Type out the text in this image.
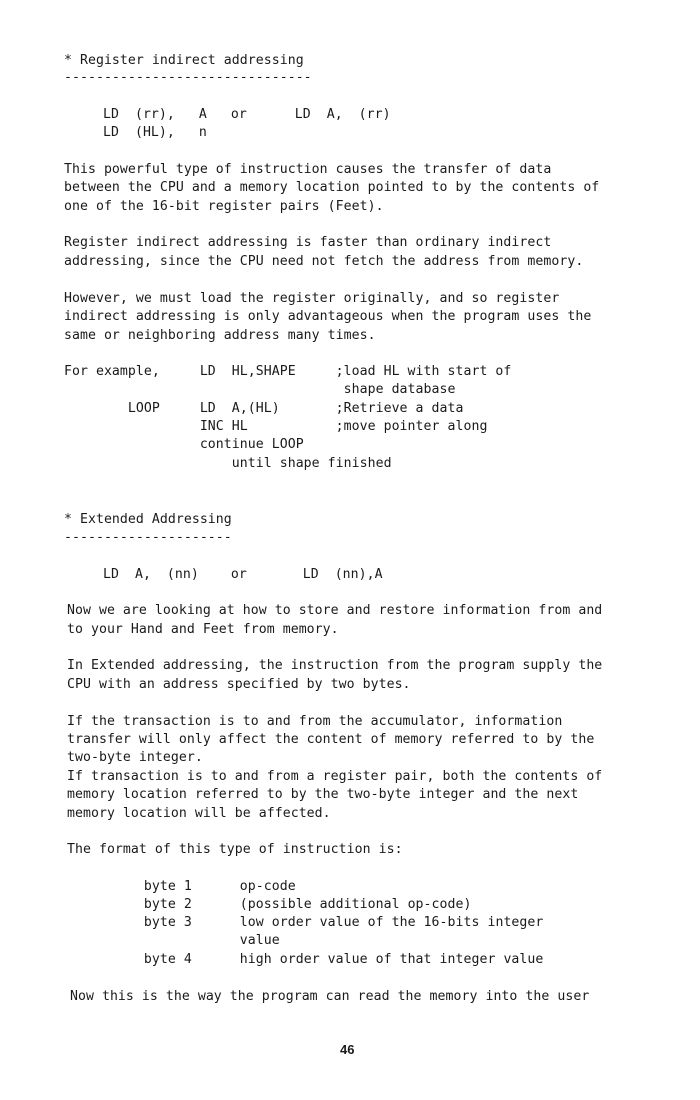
* Register indirect addressing
-------------------------------
LD  (rr),   A   or      LD  A,  (rr)
LD  (HL),   n
This powerful type of instruction causes the transfer of data
between the CPU and a memory location pointed to by the contents of
one of the 16-bit register pairs (Feet).
Register indirect addressing is faster than ordinary indirect
addressing, since the CPU need not fetch the address from memory.
However, we must load the register originally, and so register
indirect addressing is only advantageous when the program uses the
same or neighboring address many times.
For example,     LD  HL,SHAPE     ;load HL with start of
shape database
LOOP     LD  A,(HL)       ;Retrieve a data
INC HL           ;move pointer along
continue LOOP
until shape finished
* Extended Addressing
---------------------
LD  A,  (nn)    or       LD  (nn),A
Now we are looking at how to store and restore information from and
to your Hand and Feet from memory.
In Extended addressing, the instruction from the program supply the
CPU with an address specified by two bytes.
If the transaction is to and from the accumulator, information
transfer will only affect the content of memory referred to by the
two-byte integer.
If transaction is to and from a register pair, both the contents of
memory location referred to by the two-byte integer and the next
memory location will be affected.
The format of this type of instruction is:
byte 1      op-code
byte 2      (possible additional op-code)
byte 3      low order value of the 16-bits integer
value
byte 4      high order value of that integer value
Now this is the way the program can read the memory into the user
46
